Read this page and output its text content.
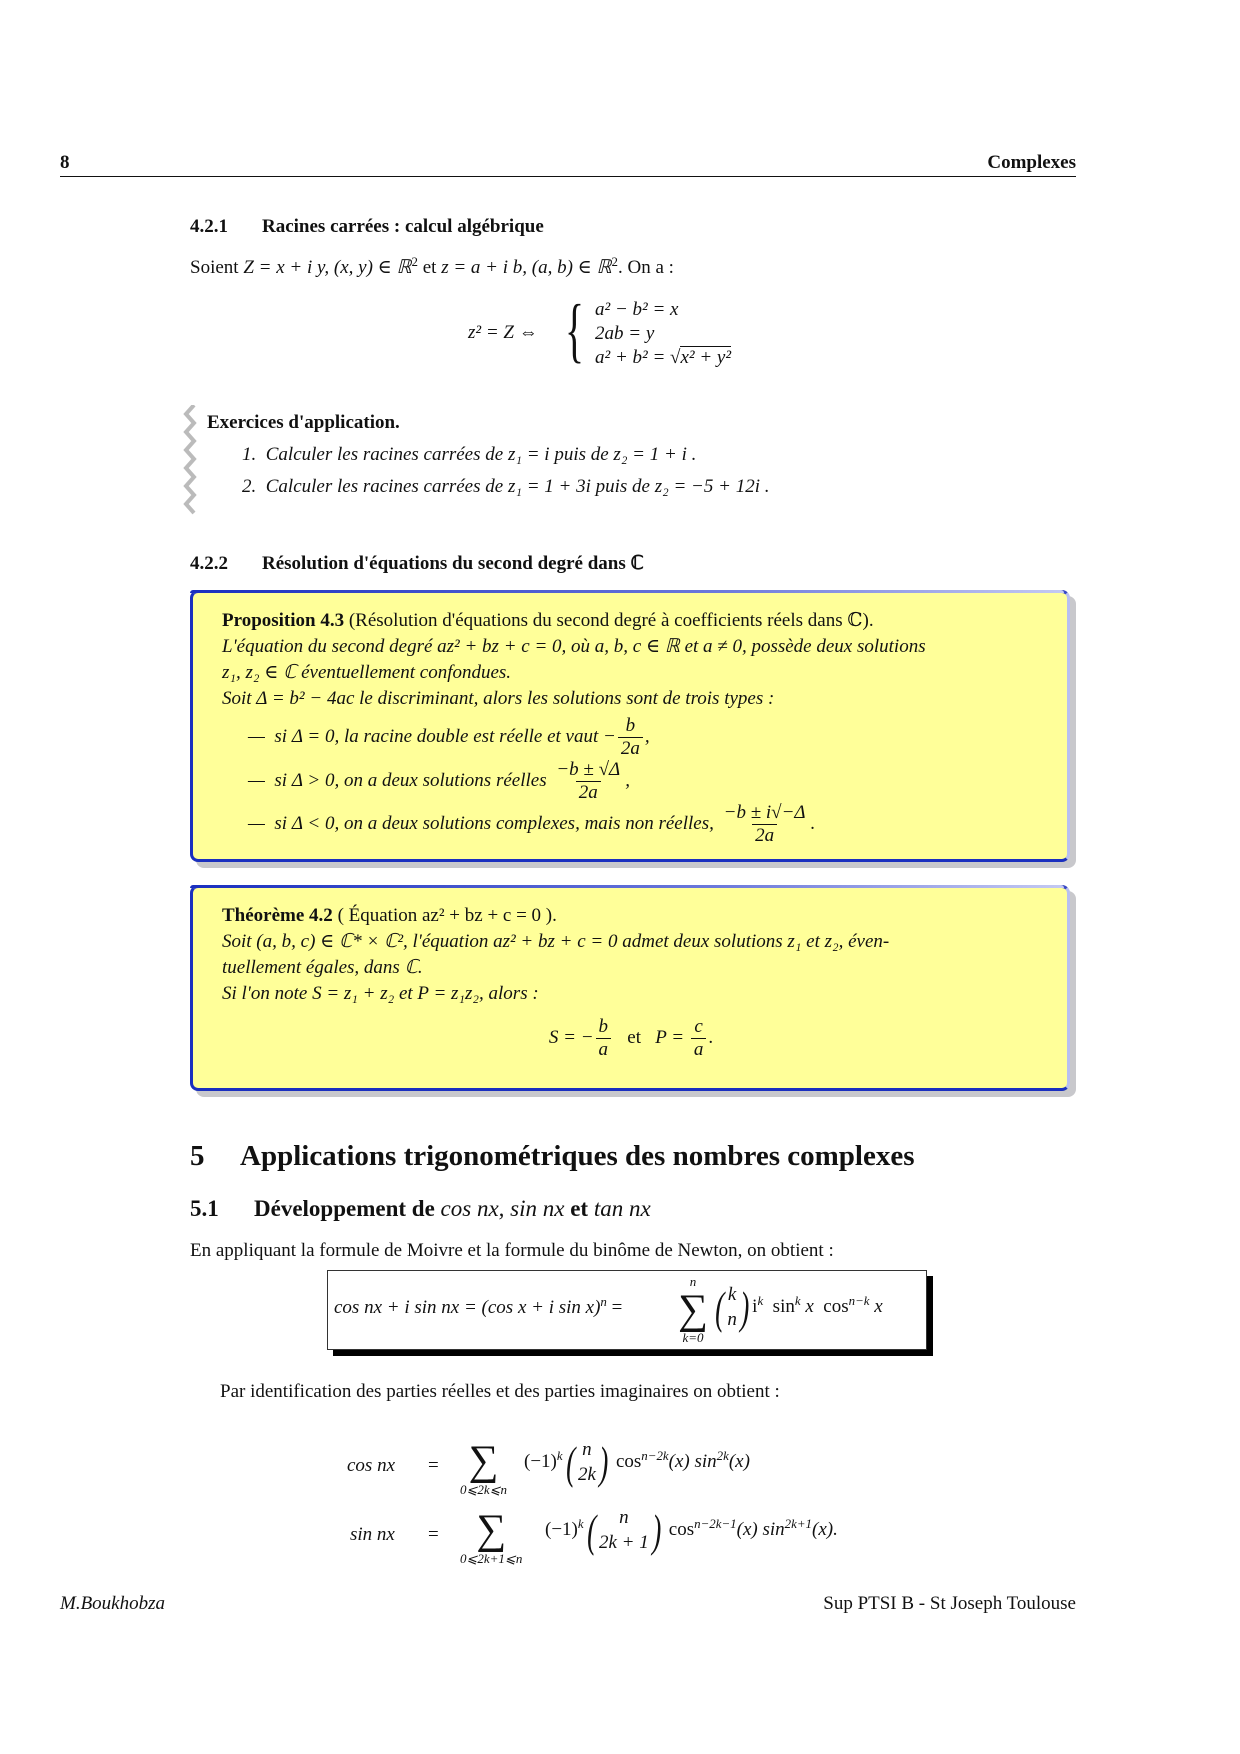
8	Complexes
4.2.1 Racines carrées : calcul algébrique
Soient Z = x + i y, (x, y) ∈ ℝ$^2$ et z = a + i b, (a, b) ∈ ℝ$^2$. On a :
z² = Z ⇔ { a² − b² = x
2ab = y
a² + b² = √x² + y²
Exercices d'application.
1. Calculer les racines carrées de z₁ = i puis de z₂ = 1 + i .
2. Calculer les racines carrées de z₁ = 1 + 3i puis de z₂ = −5 + 12i .
4.2.2 Résolution d'équations du second degré dans ℂ
Proposition 4.3 (Résolution d'équations du second degré à coefficients réels dans ℂ).
L'équation du second degré az² + bz + c = 0, où a, b, c ∈ ℝ et a ≠ 0, possède deux solutions
z₁, z₂ ∈ ℂ éventuellement confondues.
Soit Δ = b² − 4ac le discriminant, alors les solutions sont de trois types :
— si Δ = 0, la racine double est réelle et vaut − $\frac{b}{2a}$ ,
— si Δ > 0, on a deux solutions réelles $\frac{-b \pm √\Delta}{2a}$ ,
— si Δ < 0, on a deux solutions complexes, mais non réelles, $\frac{-b \pm i√-\Delta}{2a}$ .
Théorème 4.2 ( Équation az² + bz + c = 0 ).
Soit (a, b, c) ∈ ℂ* × ℂ², l'équation az² + bz + c = 0 admet deux solutions z₁ et z₂, éven-
tuellement égales, dans ℂ.
Si l'on note S = z₁ + z₂ et P = z₁z₂, alors :
S = − $\frac{b}{a}$ et $P = \frac{c}{a}$ .
5 Applications trigonométriques des nombres complexes
5.1 Développement de cos nx, sin nx et tan nx
En appliquant la formule de Moivre et la formule du binôme de Newton, on obtient :
cos nx + i sin nx = (cos x + i sin x)$^n$ =
n
∑
k=0
( k
n ) $i^k$ $\sin^k x$ $\cos^{n-k} x$
Par identification des parties réelles et des parties imaginaires on obtient :
cos nx = ∑
0⩽2k⩽n
$(-1)^k$ ( n
2k ) $\cos^{n-2k}(x)$ $\sin^{2k}(x)$
sin nx = ∑
0⩽2k+1⩽n
$(-1)^k$ ( n
2k + 1 ) $\cos^{n-2k-1}(x)$ $\sin^{2k+1}(x)$.
M.Boukhobza	Sup PTSI B - St Joseph Toulouse
